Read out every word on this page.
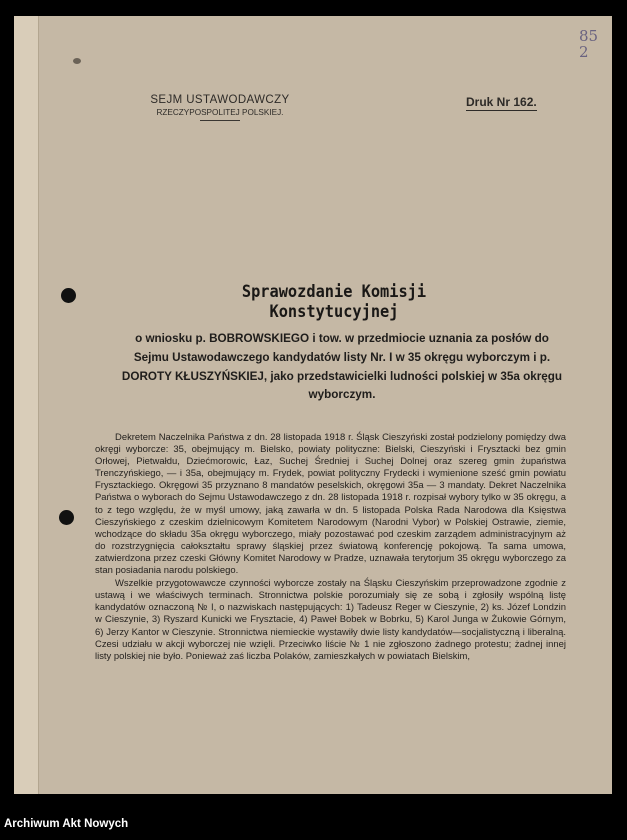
85
2
SEJM USTAWODAWCZY
RZECZYPOSPOLITEJ POLSKIEJ.
Druk Nr 162.
Sprawozdanie Komisji Konstytucyjnej
o wniosku p. BOBROWSKIEGO i tow. w przedmiocie uznania za posłów do Sejmu Ustawodawczego kandydatów listy Nr. I w 35 okręgu wyborczym i p. DOROTY KŁUSZYŃSKIEJ, jako przedstawicielki ludności polskiej w 35a okręgu wyborczym.

Dekretem Naczelnika Państwa z dn. 28 listopada 1918 r. Śląsk Cieszyński został podzielony pomiędzy dwa okręgi wyborcze: 35, obejmujący m. Bielsko, powiaty polityczne: Bielski, Cieszyński i Frysztacki bez gmin Orłowej, Pietwałdu, Dziećmorowic, Łaz, Suchej Średniej i Suchej Dolnej oraz szereg gmin żupaństwa Trenczyńskiego, — i 35a, obejmujący m. Frydek, powiat polityczny Frydecki i wymienione sześć gmin powiatu Frysztackiego. Okręgowi 35 przyznano 8 mandatów peselskich, okręgowi 35a — 3 mandaty. Dekret Naczelnika Państwa o wyborach do Sejmu Ustawodawczego z dn. 28 listopada 1918 r. rozpisał wybory tylko w 35 okręgu, a to z tego względu, że w myśl umowy, jaką zawarła w dn. 5 listopada Polska Rada Narodowa dla Księstwa Cieszyńskiego z czeskim dzielnicowym Komitetem Narodowym (Narodni Vybor) w Polskiej Ostrawie, ziemie, wchodzące do składu 35a okręgu wyborczego, miały pozostawać pod czeskim zarządem administracyjnym aż do rozstrzygnięcia całokształtu sprawy śląskiej przez światową konferencję pokojową. Ta sama umowa, zatwierdzona przez czeski Główny Komitet Narodowy w Pradze, uznawała terytorjum 35 okręgu wyborczego za stan posiadania narodu polskiego.

Wszelkie przygotowawcze czynności wyborcze zostały na Śląsku Cieszyńskim przeprowadzone zgodnie z ustawą i we właściwych terminach. Stronnictwa polskie porozumiały się ze sobą i zgłosiły wspólną listę kandydatów oznaczoną № I, o nazwiskach następujących: 1) Tadeusz Reger w Cieszynie, 2) ks. Józef Londzin w Cieszynie, 3) Ryszard Kunicki we Frysztacie, 4) Paweł Bobek w Bobrku, 5) Karol Junga w Żukowie Górnym, 6) Jerzy Kantor w Cieszynie. Stronnictwa niemieckie wystawiły dwie listy kandydatów—socjalistyczną i liberalną. Czesi udziału w akcji wyborczej nie wzięli. Przeciwko liście № 1 nie zgłoszono żadnego protestu; żadnej innej listy polskiej nie było. Ponieważ zaś liczba Polaków, zamieszkałych w powiatach Bielskim,

Archiwum Akt Nowych
